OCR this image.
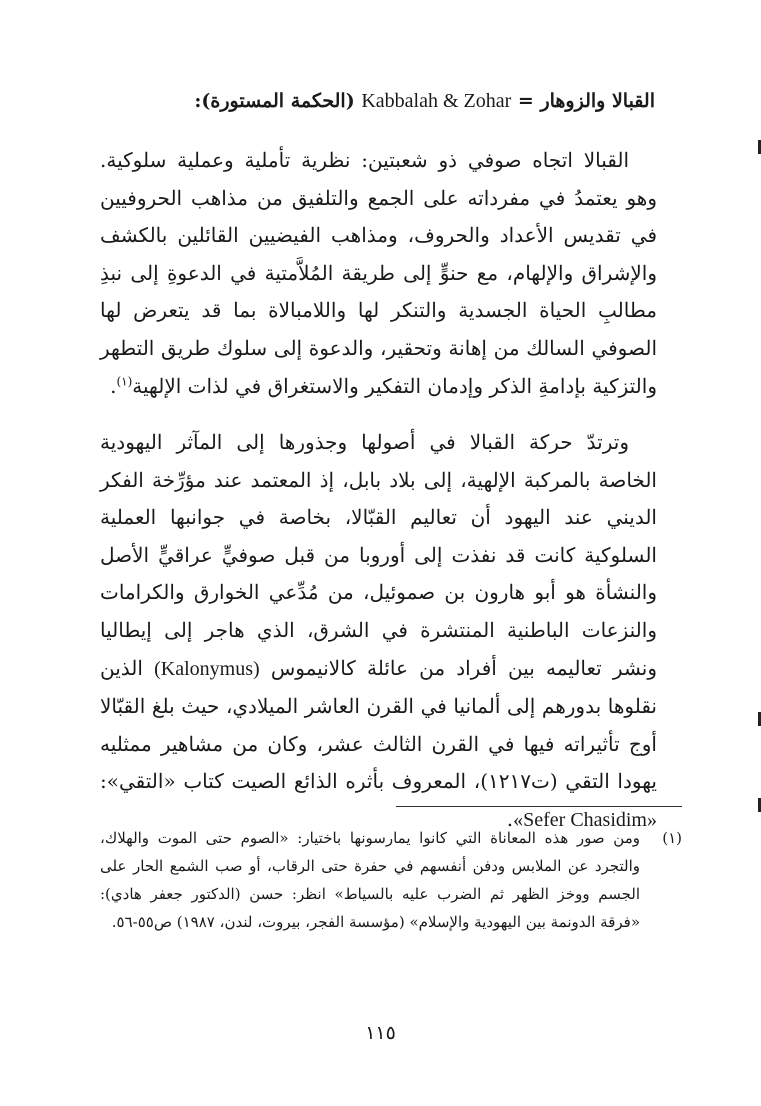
القبالا والزوهار = Kabbalah & Zohar (الحكمة المستورة):

القبالا اتجاه صوفي ذو شعبتين: نظرية تأملية وعملية سلوكية. وهو يعتمدُ في مفرداته على الجمع والتلفيق من مذاهب الحروفيين في تقديس الأعداد والحروف، ومذاهب الفيضيين القائلين بالكشف والإشراق والإلهام، مع حنوٍّ إلى طريقة المُلاَّمتية في الدعوةِ إلى نبذِ مطالبِ الحياة الجسدية والتنكر لها واللامبالاة بما قد يتعرض لها الصوفي السالك من إهانة وتحقير، والدعوة إلى سلوك طريق التطهر والتزكية بإدامةِ الذكر وإدمان التفكير والاستغراق في لذات الإلهية$^{(١)}$.

وترتدّ حركة القبالا في أصولها وجذورها إلى المآثر اليهودية الخاصة بالمركبة الإلهية، إلى بلاد بابل، إذ المعتمد عند مؤرِّخة الفكر الديني عند اليهود أن تعاليم القبّالا، بخاصة في جوانبها العملية السلوكية كانت قد نفذت إلى أوروبا من قبل صوفيٍّ عراقيٍّ الأصل والنشأة هو أبو هارون بن صموئيل، من مُدِّعي الخوارق والكرامات والنزعات الباطنية المنتشرة في الشرق، الذي هاجر إلى إيطاليا ونشر تعاليمه بين أفراد من عائلة كالانيموس (Kalonymus) الذين نقلوها بدورهم إلى ألمانيا في القرن العاشر الميلادي، حيث بلغ القبّالا أوج تأثيراته فيها في القرن الثالث عشر، وكان من مشاهير ممثليه يهودا التقي (ت١٢١٧)، المعروف بأثره الذائع الصيت كتاب «التقي»: «Sefer Chasidim».

(١)
ومن صور هذه المعاناة التي كانوا يمارسونها باختيار: «الصوم حتى الموت والهلاك، والتجرد عن الملابس ودفن أنفسهم في حفرة حتى الرقاب، أو صب الشمع الحار على الجسم ووخز الظهر ثم الضرب عليه بالسياط» انظر: حسن (الدكتور جعفر هادي): «فرقة الدونمة بين اليهودية والإسلام» (مؤسسة الفجر، بيروت، لندن، ١٩٨٧) ص٥٥-٥٦.
١١٥
